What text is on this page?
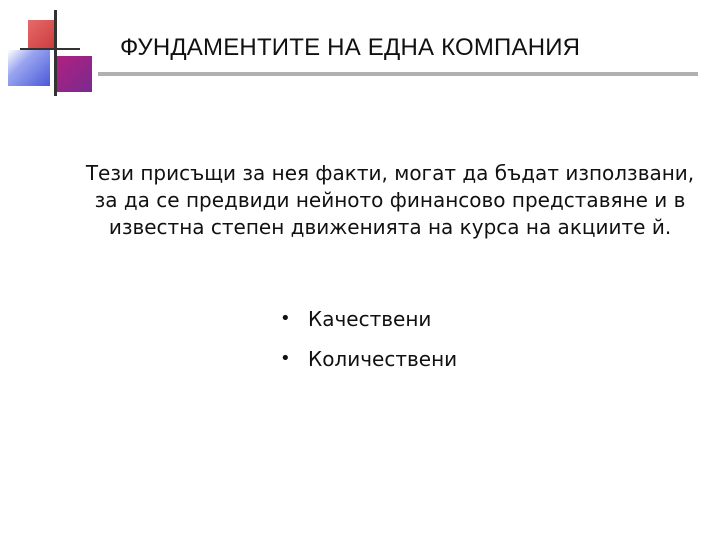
ФУНДАМЕНТИТЕ НА ЕДНА КОМПАНИЯ
Тези присъщи за нея факти, могат да бъдат използвани, за да се предвиди нейното финансово представяне и в известна степен движенията на курса на акциите й.
• Качествени
• Количествени
